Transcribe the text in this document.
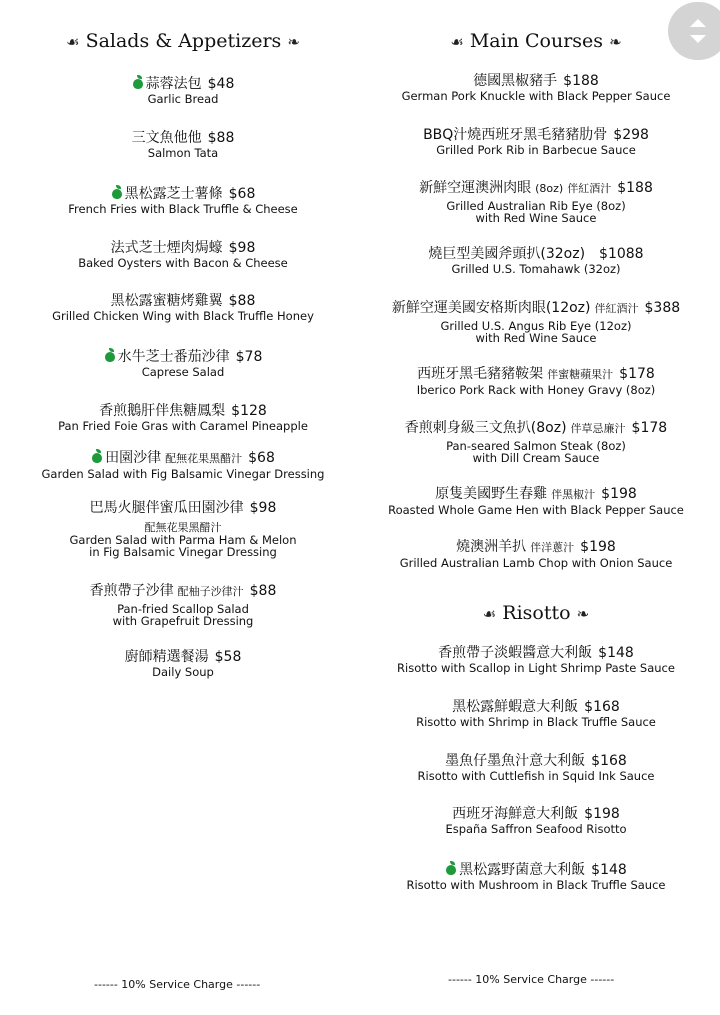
☙ Salads & Appetizers ❧
蒜蓉法包 $48
Garlic Bread
三文魚他他 $88
Salmon Tata
黑松露芝士薯條 $68
French Fries with Black Truffle & Cheese
法式芝士煙肉焗蠔 $98
Baked Oysters with Bacon & Cheese
黑松露蜜糖烤雞翼 $88
Grilled Chicken Wing with Black Truffle Honey
水牛芝士番茄沙律 $78
Caprese Salad
香煎鵝肝伴焦糖鳳梨 $128
Pan Fried Foie Gras with Caramel Pineapple
田園沙律 配無花果黑醋汁 $68
Garden Salad with Fig Balsamic Vinegar Dressing
巴馬火腿伴蜜瓜田園沙律 $98
配無花果黑醋汁
Garden Salad with Parma Ham & Melon
in Fig Balsamic Vinegar Dressing
香煎帶子沙律 配柚子沙律汁 $88
Pan-fried Scallop Salad
with Grapefruit Dressing
廚師精選餐湯 $58
Daily Soup
------ 10% Service Charge ------
☙ Main Courses ❧
德國黑椒豬手 $188
German Pork Knuckle with Black Pepper Sauce
BBQ汁燒西班牙黑毛豬豬肋骨 $298
Grilled Pork Rib in Barbecue Sauce
新鮮空運澳洲肉眼 (8oz) 伴紅酒汁 $188
Grilled Australian Rib Eye (8oz)
with Red Wine Sauce
燒巨型美國斧頭扒(32oz) $1088
Grilled U.S. Tomahawk (32oz)
新鮮空運美國安格斯肉眼(12oz) 伴紅酒汁 $388
Grilled U.S. Angus Rib Eye (12oz)
with Red Wine Sauce
西班牙黑毛豬豬鞍架 伴蜜糖蘋果汁 $178
Iberico Pork Rack with Honey Gravy (8oz)
香煎刺身級三文魚扒(8oz) 伴草忌廉汁 $178
Pan-seared Salmon Steak (8oz)
with Dill Cream Sauce
原隻美國野生春雞 伴黑椒汁 $198
Roasted Whole Game Hen with Black Pepper Sauce
燒澳洲羊扒 伴洋蔥汁 $198
Grilled Australian Lamb Chop with Onion Sauce
☙ Risotto ❧
香煎帶子淡蝦醬意大利飯 $148
Risotto with Scallop in Light Shrimp Paste Sauce
黑松露鮮蝦意大利飯 $168
Risotto with Shrimp in Black Truffle Sauce
墨魚仔墨魚汁意大利飯 $168
Risotto with Cuttlefish in Squid Ink Sauce
西班牙海鮮意大利飯 $198
España Saffron Seafood Risotto
黑松露野菌意大利飯 $148
Risotto with Mushroom in Black Truffle Sauce
------ 10% Service Charge ------
